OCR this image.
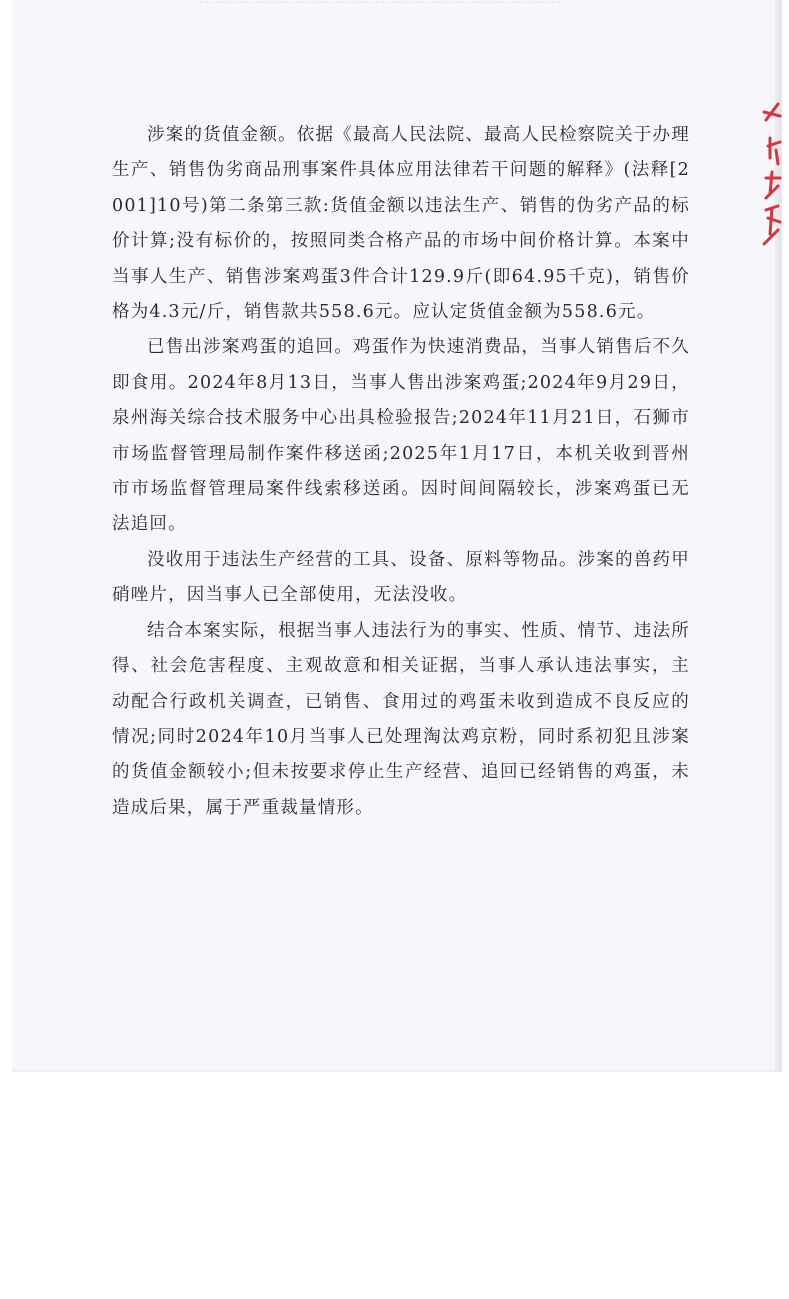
涉案的货值金额。依据《最高人民法院、最高人民检察院关于办理生产、销售伪劣商品刑事案件具体应用法律若干问题的解释》(法释[2001]10号)第二条第三款:货值金额以违法生产、销售的伪劣产品的标价计算;没有标价的，按照同类合格产品的市场中间价格计算。本案中当事人生产、销售涉案鸡蛋3件合计129.9斤(即64.95千克)，销售价格为4.3元/斤，销售款共558.6元。应认定货值金额为558.6元。

已售出涉案鸡蛋的追回。鸡蛋作为快速消费品，当事人销售后不久即食用。2024年8月13日，当事人售出涉案鸡蛋;2024年9月29日，泉州海关综合技术服务中心出具检验报告;2024年11月21日，石狮市市场监督管理局制作案件移送函;2025年1月17日，本机关收到晋州市市场监督管理局案件线索移送函。因时间间隔较长，涉案鸡蛋已无法追回。

没收用于违法生产经营的工具、设备、原料等物品。涉案的兽药甲硝唑片，因当事人已全部使用，无法没收。

结合本案实际，根据当事人违法行为的事实、性质、情节、违法所得、社会危害程度、主观故意和相关证据，当事人承认违法事实，主动配合行政机关调查，已销售、食用过的鸡蛋未收到造成不良反应的情况;同时2024年10月当事人已处理淘汰鸡京粉，同时系初犯且涉案的货值金额较小;但未按要求停止生产经营、追回已经销售的鸡蛋，未造成后果，属于严重裁量情形。
